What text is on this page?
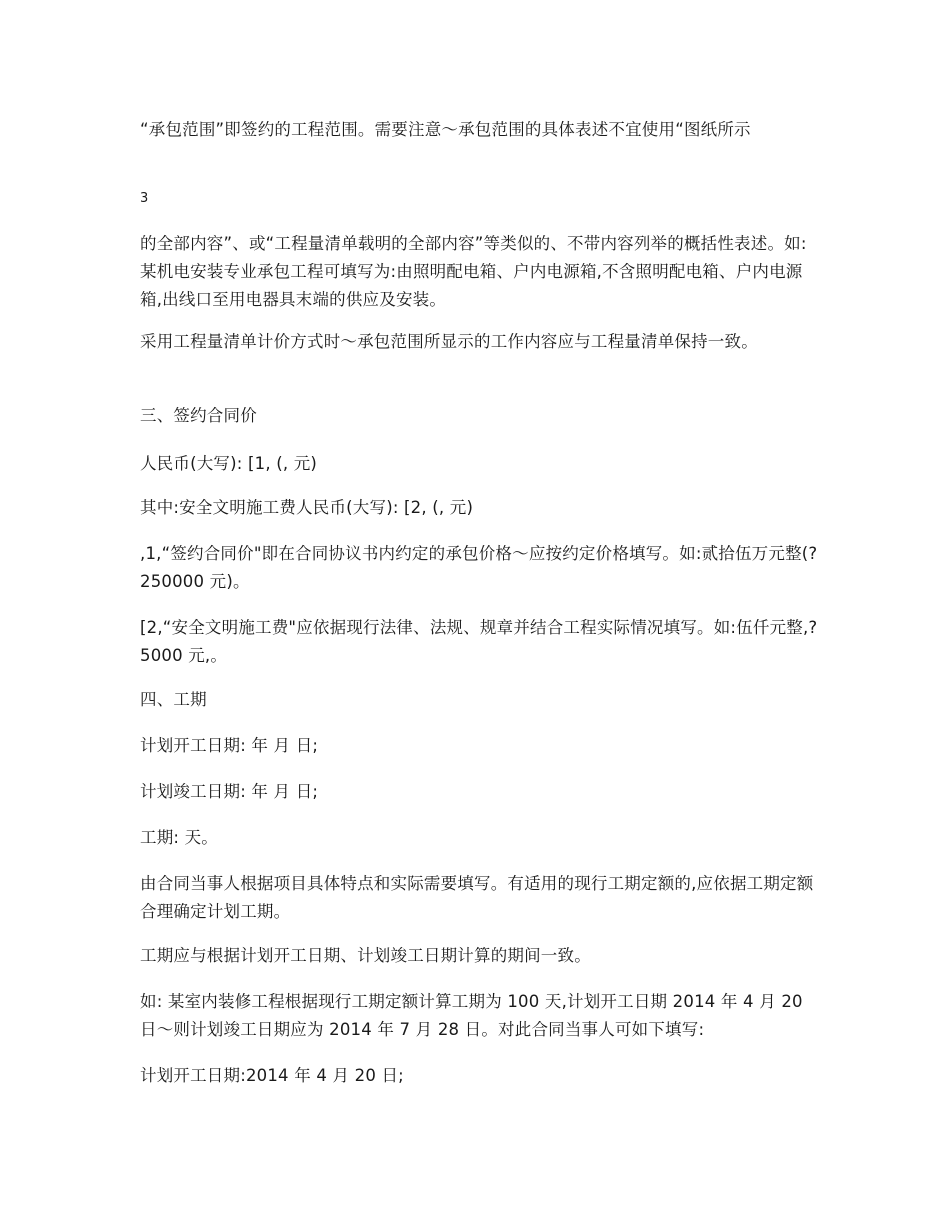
“承包范围”即签约的工程范围。需要注意～承包范围的具体表述不宜使用“图纸所示

3

的全部内容”、或“工程量清单载明的全部内容”等类似的、不带内容列举的概括性表述。如:某机电安装专业承包工程可填写为:由照明配电箱、户内电源箱,不含照明配电箱、户内电源箱,出线口至用电器具末端的供应及安装。

采用工程量清单计价方式时～承包范围所显示的工作内容应与工程量清单保持一致。

三、签约合同价

人民币(大写): [1, (, 元)

其中:安全文明施工费人民币(大写): [2, (, 元)

,1,“签约合同价"即在合同协议书内约定的承包价格～应按约定价格填写。如:贰拾伍万元整(?250000 元)。

[2,“安全文明施工费"应依据现行法律、法规、规章并结合工程实际情况填写。如:伍仟元整,?5000 元,。

四、工期

计划开工日期: 年 月 日;

计划竣工日期: 年 月 日;

工期: 天。

由合同当事人根据项目具体特点和实际需要填写。有适用的现行工期定额的,应依据工期定额合理确定计划工期。

工期应与根据计划开工日期、计划竣工日期计算的期间一致。

如: 某室内装修工程根据现行工期定额计算工期为 100 天,计划开工日期 2014 年 4 月 20 日～则计划竣工日期应为 2014 年 7 月 28 日。对此合同当事人可如下填写:

计划开工日期:2014 年 4 月 20 日;
